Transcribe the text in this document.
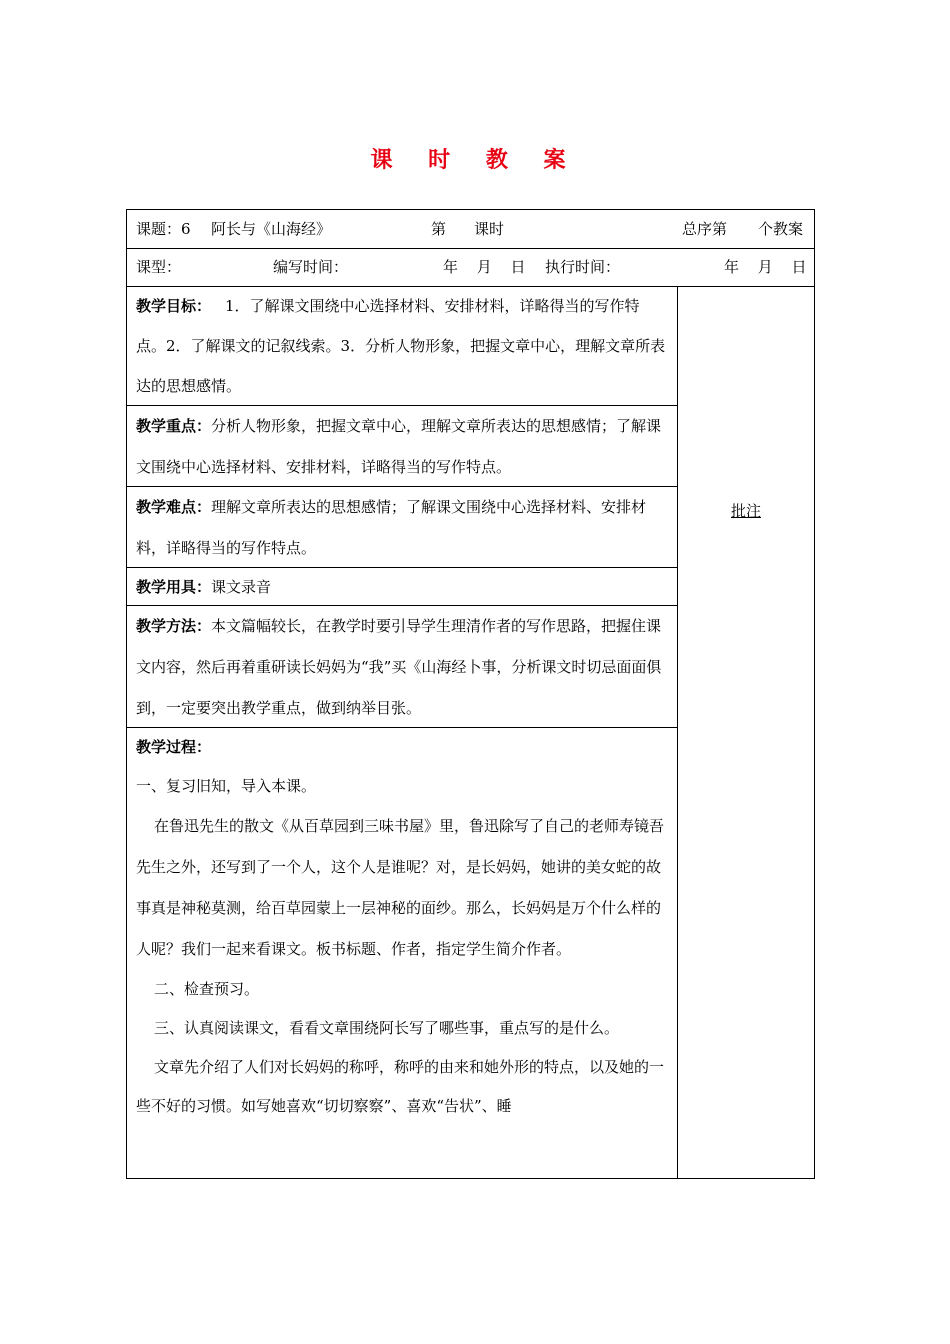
课 时 教 案
课题：6 阿长与《山海经》	第 课时	总序第 个教案
课型：	编写时间：	年 月 日 执行时间：	年 月 日
批注

教学目标： 1．了解课文围绕中心选择材料、安排材料，详略得当的写作特点。2．了解课文的记叙线索。3．分析人物形象，把握文章中心，理解文章所表达的思想感情。

教学重点：分析人物形象，把握文章中心，理解文章所表达的思想感情；了解课文围绕中心选择材料、安排材料，详略得当的写作特点。

教学难点：理解文章所表达的思想感情；了解课文围绕中心选择材料、安排材料，详略得当的写作特点。

教学用具：课文录音

教学方法：本文篇幅较长，在教学时要引导学生理清作者的写作思路，把握住课文内容，然后再着重研读长妈妈为“我”买《山海经卜事，分析课文时切忌面面俱到，一定要突出教学重点，做到纳举目张。

教学过程：

一、复习旧知，导入本课。

在鲁迅先生的散文《从百草园到三味书屋》里，鲁迅除写了自己的老师寿镜吾先生之外，还写到了一个人，这个人是谁呢？对，是长妈妈，她讲的美女蛇的故事真是神秘莫测，给百草园蒙上一层神秘的面纱。那么，长妈妈是万个什么样的人呢？我们一起来看课文。板书标题、作者，指定学生简介作者。

二、检查预习。

三、认真阅读课文，看看文章围绕阿长写了哪些事，重点写的是什么。

文章先介绍了人们对长妈妈的称呼，称呼的由来和她外形的特点，以及她的一些不好的习惯。如写她喜欢“切切察察”、喜欢“告状”、睡
